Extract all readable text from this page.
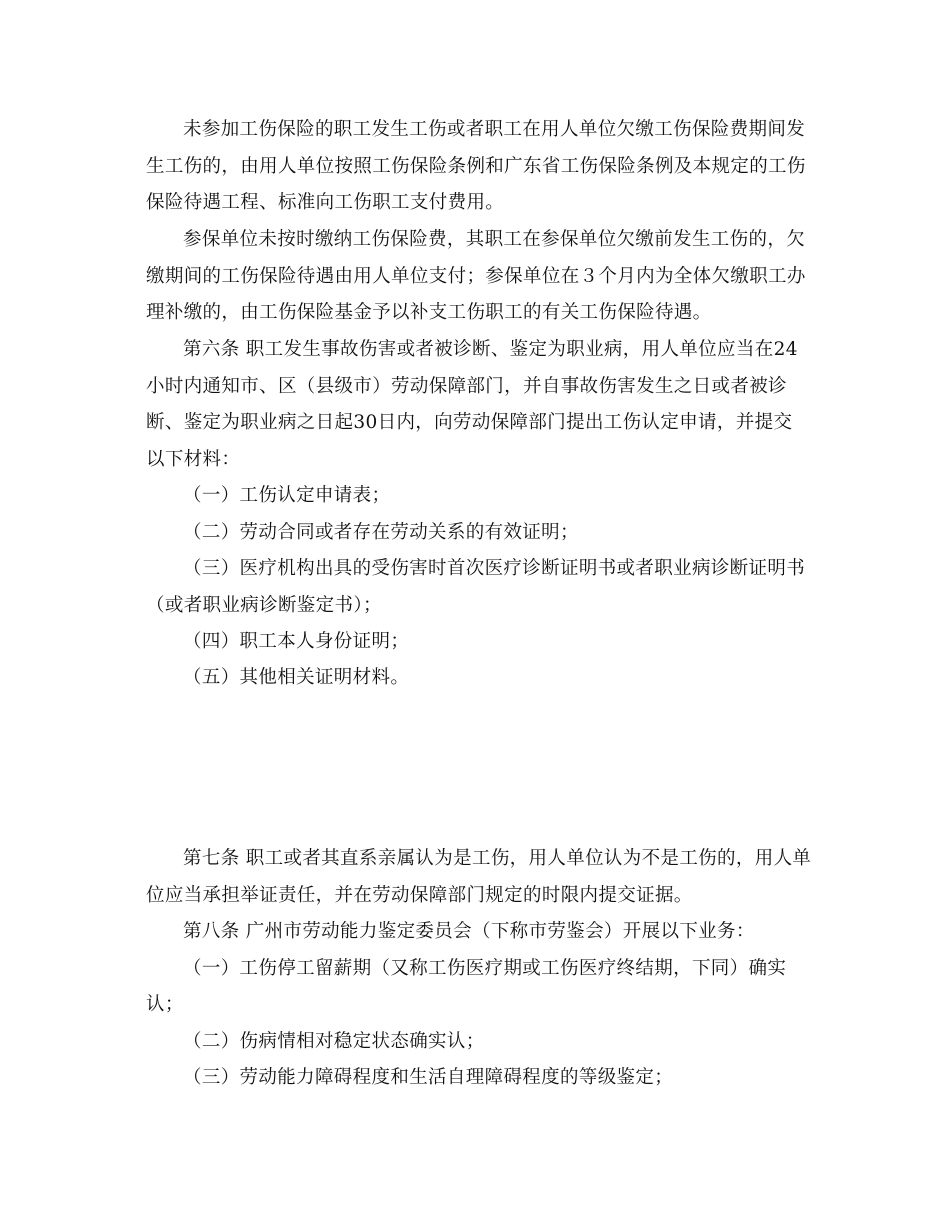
未参加工伤保险的职工发生工伤或者职工在用人单位欠缴工伤保险费期间发
生工伤的，由用人单位按照工伤保险条例和广东省工伤保险条例及本规定的工伤
保险待遇工程、标准向工伤职工支付费用。
参保单位未按时缴纳工伤保险费，其职工在参保单位欠缴前发生工伤的，欠
缴期间的工伤保险待遇由用人单位支付；参保单位在３个月内为全体欠缴职工办
理补缴的，由工伤保险基金予以补支工伤职工的有关工伤保险待遇。
第六条 职工发生事故伤害或者被诊断、鉴定为职业病，用人单位应当在24
小时内通知市、区（县级市）劳动保障部门，并自事故伤害发生之日或者被诊
断、鉴定为职业病之日起30日内，向劳动保障部门提出工伤认定申请，并提交
以下材料：
（一）工伤认定申请表；
（二）劳动合同或者存在劳动关系的有效证明；
（三）医疗机构出具的受伤害时首次医疗诊断证明书或者职业病诊断证明书
（或者职业病诊断鉴定书）；
（四）职工本人身份证明；
（五）其他相关证明材料。
第七条 职工或者其直系亲属认为是工伤，用人单位认为不是工伤的，用人单
位应当承担举证责任，并在劳动保障部门规定的时限内提交证据。
第八条 广州市劳动能力鉴定委员会（下称市劳鉴会）开展以下业务：
（一）工伤停工留薪期（又称工伤医疗期或工伤医疗终结期，下同）确实
认；
（二）伤病情相对稳定状态确实认；
（三）劳动能力障碍程度和生活自理障碍程度的等级鉴定；
